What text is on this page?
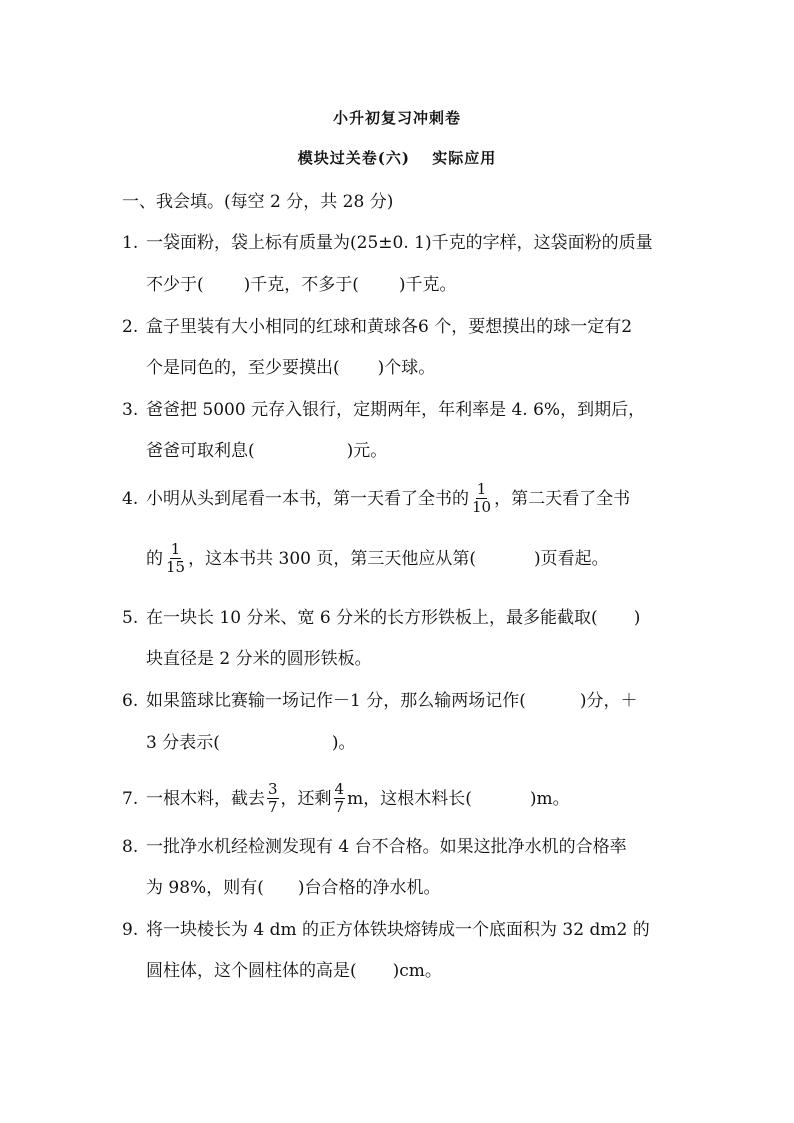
小升初复习冲刺卷
模块过关卷(六)　 实际应用
一、我会填。(每空 2 分，共 28 分)
1. 一袋面粉，袋上标有质量为(25±0. 1)千克的字样，这袋面粉的质量
不少于( )千克，不多于( )千克。
2. 盒子里装有大小相同的红球和黄球各6 个，要想摸出的球一定有2
个是同色的，至少要摸出( )个球。
3. 爸爸把 5000 元存入银行，定期两年，年利率是 4. 6%，到期后，
爸爸可取利息(	)元。
4. 小明从头到尾看一本书，第一天看了全书的 $\frac{1}{10}$ ，第二天看了全书
的 $\frac{1}{15}$ ，这本书共 300 页，第三天他应从第(	)页看起。
5. 在一块长 10 分米、宽 6 分米的长方形铁板上，最多能截取( )
块直径是 2 分米的圆形铁板。
6. 如果篮球比赛输一场记作－1 分，那么输两场记作(	)分，＋
3 分表示(	)。
7. 一根木料，截去 $\frac{3}{7}$ ，还剩 $\frac{4}{7}$ m，这根木料长(	)m。
8. 一批净水机经检测发现有 4 台不合格。如果这批净水机的合格率
为 98%，则有( )台合格的净水机。
9. 将一块棱长为 4 dm 的正方体铁块熔铸成一个底面积为 32 dm2 的
圆柱体，这个圆柱体的高是( )cm。
